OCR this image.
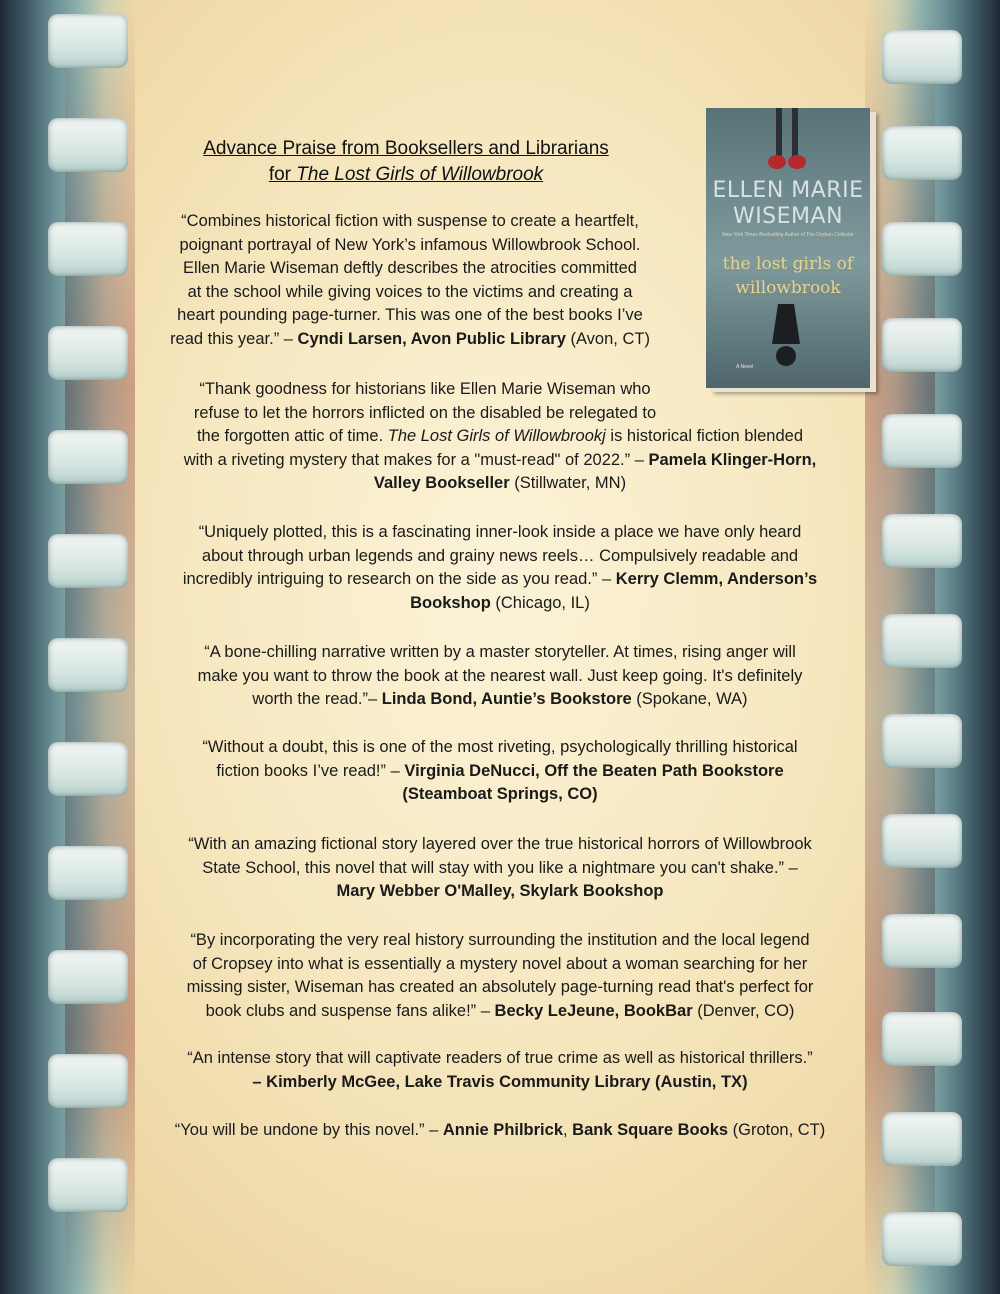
ELLEN MARIE
WISEMAN
New York Times Bestselling Author of The Orphan Collector
the lost girls of
willowbrook
A Novel
Advance Praise from Booksellers and Librarians
for The Lost Girls of Willowbrook
“Combines historical fiction with suspense to create a heartfelt,
poignant portrayal of New York’s infamous Willowbrook School.
Ellen Marie Wiseman deftly describes the atrocities committed
at the school while giving voices to the victims and creating a
heart pounding page-turner. This was one of the best books I’ve
read this year.” – Cyndi Larsen, Avon Public Library (Avon, CT)
“Thank goodness for historians like Ellen Marie Wiseman who
refuse to let the horrors inflicted on the disabled be relegated to
the forgotten attic of time. The Lost Girls of Willowbrookj is historical fiction blended
with a riveting mystery that makes for a "must-read" of 2022.” – Pamela Klinger-Horn,
Valley Bookseller (Stillwater, MN)
“Uniquely plotted, this is a fascinating inner-look inside a place we have only heard
about through urban legends and grainy news reels… Compulsively readable and
incredibly intriguing to research on the side as you read.” – Kerry Clemm, Anderson’s
Bookshop (Chicago, IL)
“A bone-chilling narrative written by a master storyteller. At times, rising anger will
make you want to throw the book at the nearest wall. Just keep going. It's definitely
worth the read.”– Linda Bond, Auntie’s Bookstore (Spokane, WA)
“Without a doubt, this is one of the most riveting, psychologically thrilling historical
fiction books I’ve read!” – Virginia DeNucci, Off the Beaten Path Bookstore
(Steamboat Springs, CO)
“With an amazing fictional story layered over the true historical horrors of Willowbrook
State School, this novel that will stay with you like a nightmare you can't shake.” –
Mary Webber O'Malley, Skylark Bookshop
“By incorporating the very real history surrounding the institution and the local legend
of Cropsey into what is essentially a mystery novel about a woman searching for her
missing sister, Wiseman has created an absolutely page-turning read that's perfect for
book clubs and suspense fans alike!” – Becky LeJeune, BookBar (Denver, CO)
“An intense story that will captivate readers of true crime as well as historical thrillers.”
– Kimberly McGee, Lake Travis Community Library (Austin, TX)
“You will be undone by this novel.” – Annie Philbrick, Bank Square Books (Groton, CT)
